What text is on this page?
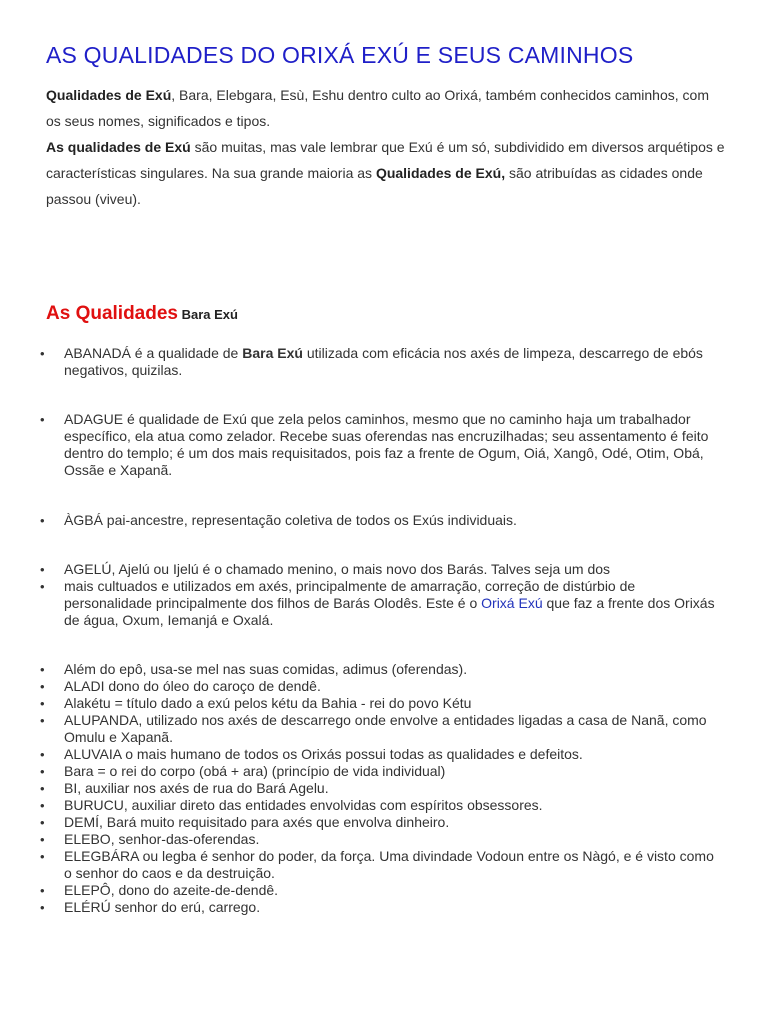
AS QUALIDADES DO ORIXÁ EXÚ E SEUS CAMINHOS

Qualidades de Exú, Bara, Elebgara, Esù, Eshu dentro culto ao Orixá, também conhecidos caminhos, com os seus nomes, significados e tipos.

As qualidades de Exú são muitas, mas vale lembrar que Exú é um só, subdividido em diversos arquétipos e características singulares. Na sua grande maioria as Qualidades de Exú, são atribuídas as cidades onde passou (viveu).

As Qualidades Bara Exú
• ABANADÁ é a qualidade de Bara Exú utilizada com eficácia nos axés de limpeza, descarrego de ebós negativos, quizilas.
• ADAGUE é qualidade de Exú que zela pelos caminhos, mesmo que no caminho haja um trabalhador específico, ela atua como zelador. Recebe suas oferendas nas encruzilhadas; seu assentamento é feito dentro do templo; é um dos mais requisitados, pois faz a frente de Ogum, Oiá, Xangô, Odé, Otim, Obá, Ossãe e Xapanã.
• ÀGBÁ pai-ancestre, representação coletiva de todos os Exús individuais.
• AGELÚ, Ajelú ou Ijelú é o chamado menino, o mais novo dos Barás. Talves seja um dos
• mais cultuados e utilizados em axés, principalmente de amarração, correção de distúrbio de personalidade principalmente dos filhos de Barás Olodês. Este é o Orixá Exú que faz a frente dos Orixás de água, Oxum, Iemanjá e Oxalá.
• Além do epô, usa-se mel nas suas comidas, adimus (oferendas).
• ALADI dono do óleo do caroço de dendê.
• Alakétu = título dado a exú pelos kétu da Bahia - rei do povo Kétu
• ALUPANDA, utilizado nos axés de descarrego onde envolve a entidades ligadas a casa de Nanã, como Omulu e Xapanã.
• ALUVAIA o mais humano de todos os Orixás possui todas as qualidades e defeitos.
• Bara = o rei do corpo (obá + ara) (princípio de vida individual)
• BI, auxiliar nos axés de rua do Bará Agelu.
• BURUCU, auxiliar direto das entidades envolvidas com espíritos obsessores.
• DEMÍ, Bará muito requisitado para axés que envolva dinheiro.
• ELEBO, senhor-das-oferendas.
• ELEGBÁRA ou legba é senhor do poder, da força. Uma divindade Vodoun entre os Nàgó, e é visto como o senhor do caos e da destruição.
• ELEPÔ, dono do azeite-de-dendê.
• ELÉRÚ senhor do erú, carrego.
